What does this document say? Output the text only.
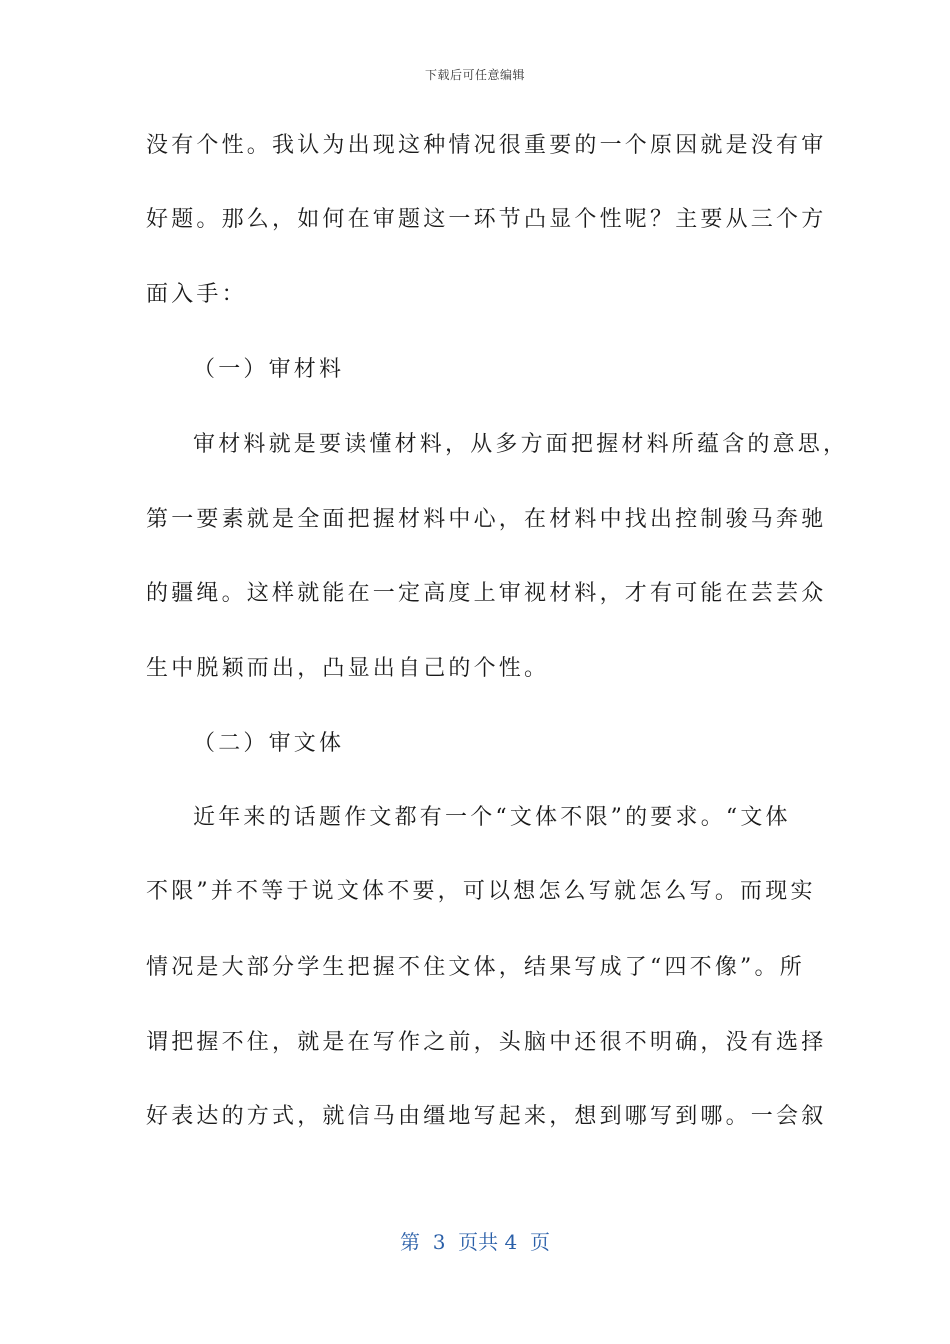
下载后可任意编辑
没有个性。我认为出现这种情况很重要的一个原因就是没有审
好题。那么，如何在审题这一环节凸显个性呢？主要从三个方
面入手：
（一）审材料
审材料就是要读懂材料，从多方面把握材料所蕴含的意思，
第一要素就是全面把握材料中心，在材料中找出控制骏马奔驰
的疆绳。这样就能在一定高度上审视材料，才有可能在芸芸众
生中脱颖而出，凸显出自己的个性。
（二）审文体
近年来的话题作文都有一个“文体不限”的要求。“文体
不限”并不等于说文体不要，可以想怎么写就怎么写。而现实
情况是大部分学生把握不住文体，结果写成了“四不像”。所
谓把握不住，就是在写作之前，头脑中还很不明确，没有选择
好表达的方式，就信马由缰地写起来，想到哪写到哪。一会叙
第  3  页共 4  页
